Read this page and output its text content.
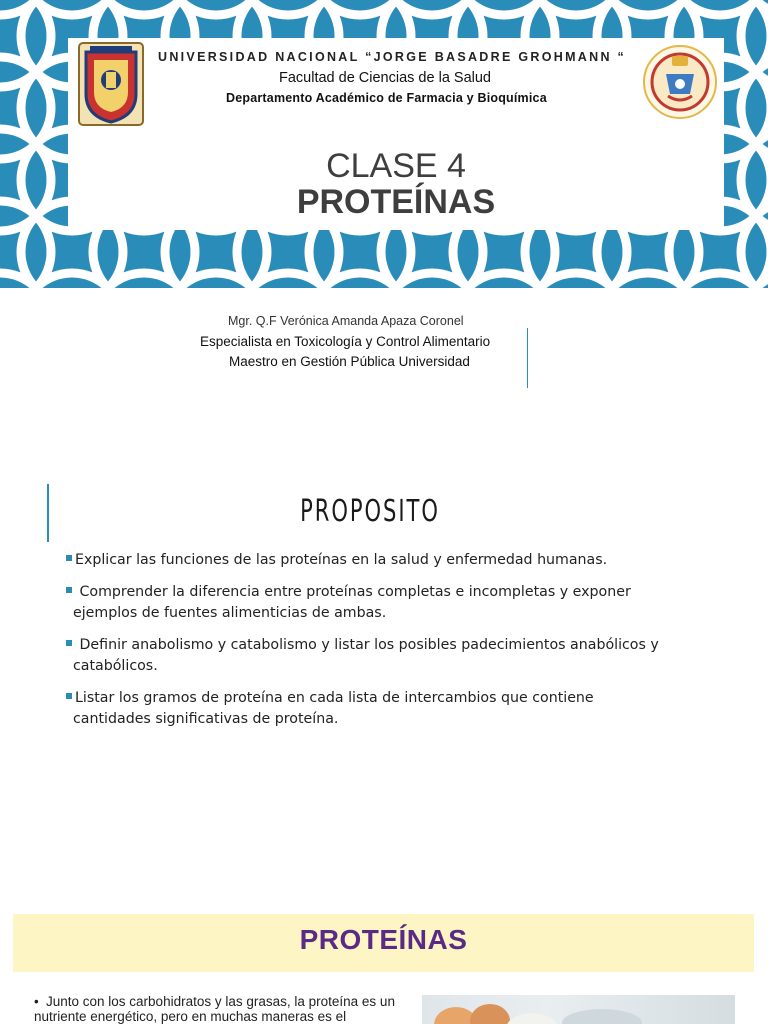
UNIVERSIDAD NACIONAL “JORGE BASADRE GROHMANN “
Facultad de Ciencias de la Salud
Departamento Académico de Farmacia y Bioquímica
CLASE 4
PROTEÍNAS
Mgr. Q.F Verónica Amanda Apaza Coronel
Especialista en Toxicología y Control Alimentario
Maestro en Gestión Pública Universidad
PROPOSITO
Explicar las funciones de las proteínas en la salud y enfermedad humanas.
Comprender la diferencia entre proteínas completas e incompletas y exponer ejemplos de fuentes alimenticias de ambas.
Definir anabolismo y catabolismo y listar los posibles padecimientos anabólicos y catabólicos.
Listar los gramos de proteína en cada lista de intercambios que contiene cantidades significativas de proteína.
PROTEÍNAS
• Junto con los carbohidratos y las grasas, la proteína es un nutriente energético, pero en muchas maneras es el
